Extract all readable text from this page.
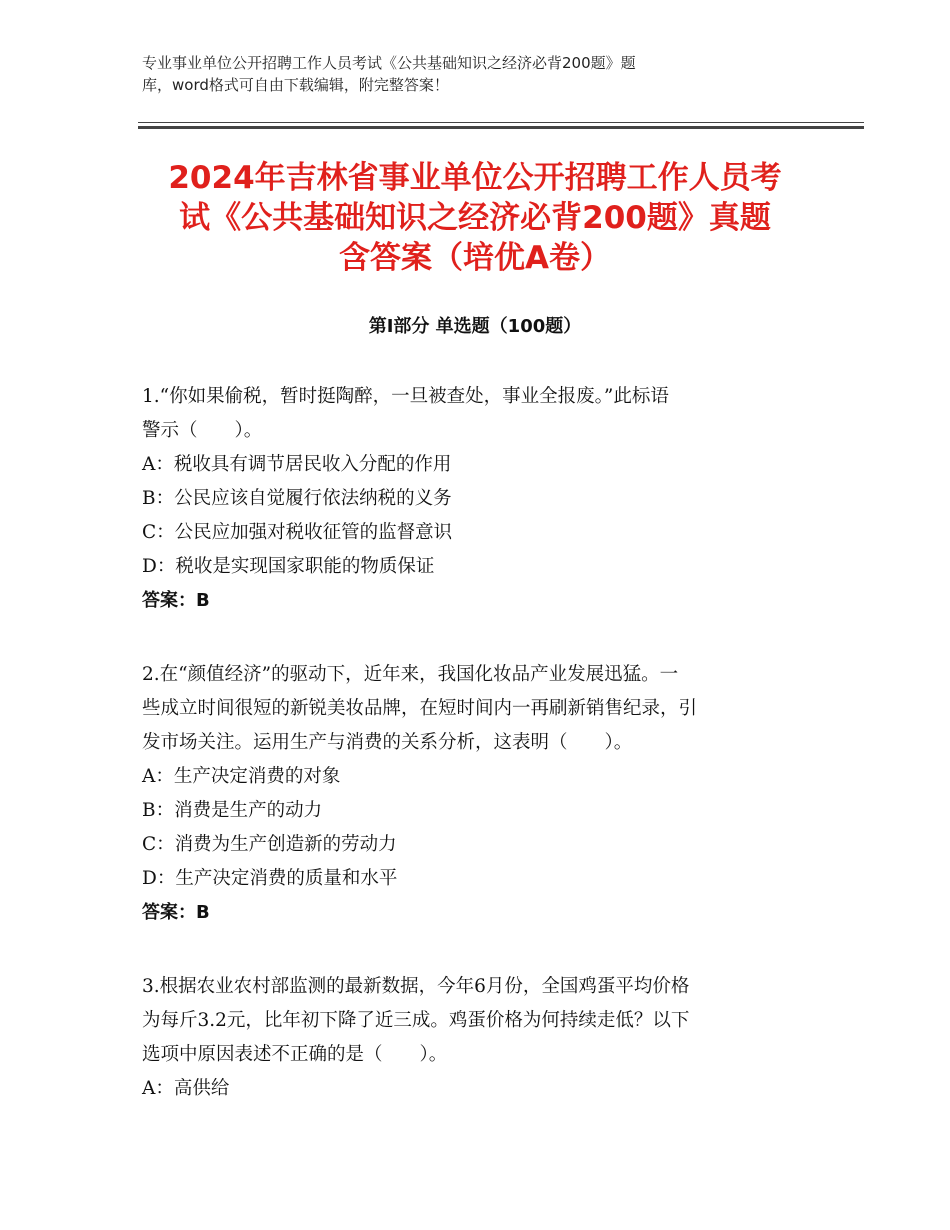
专业事业单位公开招聘工作人员考试《公共基础知识之经济必背200题》题
库，word格式可自由下载编辑，附完整答案！
2024年吉林省事业单位公开招聘工作人员考
试《公共基础知识之经济必背200题》真题
含答案（培优A卷）
第Ⅰ部分 单选题（100题）
1.“你如果偷税，暂时挺陶醉，一旦被查处，事业全报废。”此标语
警示（　　）。
A：税收具有调节居民收入分配的作用
B：公民应该自觉履行依法纳税的义务
C：公民应加强对税收征管的监督意识
D：税收是实现国家职能的物质保证
答案：B
2.在“颜值经济”的驱动下，近年来，我国化妆品产业发展迅猛。一
些成立时间很短的新锐美妆品牌，在短时间内一再刷新销售纪录，引
发市场关注。运用生产与消费的关系分析，这表明（　　）。
A：生产决定消费的对象
B：消费是生产的动力
C：消费为生产创造新的劳动力
D：生产决定消费的质量和水平
答案：B
3.根据农业农村部监测的最新数据，今年6月份，全国鸡蛋平均价格
为每斤3.2元，比年初下降了近三成。鸡蛋价格为何持续走低？以下
选项中原因表述不正确的是（　　）。
A：高供给
